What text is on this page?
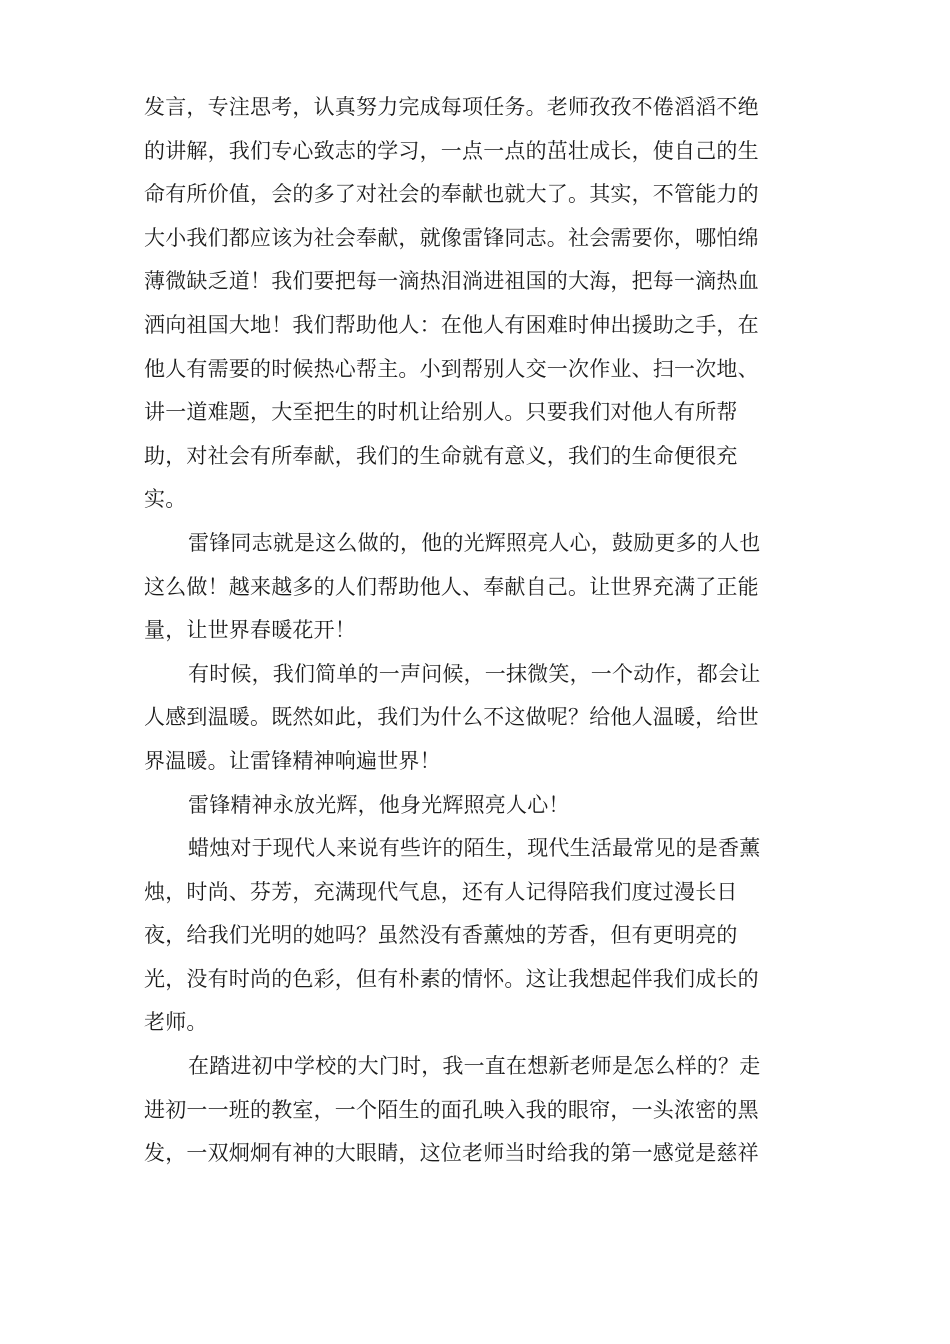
发言，专注思考，认真努力完成每项任务。老师孜孜不倦滔滔不绝
的讲解，我们专心致志的学习，一点一点的茁壮成长，使自己的生
命有所价值，会的多了对社会的奉献也就大了。其实，不管能力的
大小我们都应该为社会奉献，就像雷锋同志。社会需要你，哪怕绵
薄微缺乏道！我们要把每一滴热泪淌进祖国的大海，把每一滴热血
洒向祖国大地！我们帮助他人：在他人有困难时伸出援助之手，在
他人有需要的时候热心帮主。小到帮别人交一次作业、扫一次地、
讲一道难题，大至把生的时机让给别人。只要我们对他人有所帮
助，对社会有所奉献，我们的生命就有意义，我们的生命便很充
实。
雷锋同志就是这么做的，他的光辉照亮人心，鼓励更多的人也
这么做！越来越多的人们帮助他人、奉献自己。让世界充满了正能
量，让世界春暖花开！
有时候，我们简单的一声问候，一抹微笑，一个动作，都会让
人感到温暖。既然如此，我们为什么不这做呢？给他人温暖，给世
界温暖。让雷锋精神响遍世界！
雷锋精神永放光辉，他身光辉照亮人心！
蜡烛对于现代人来说有些许的陌生，现代生活最常见的是香薰
烛，时尚、芬芳，充满现代气息，还有人记得陪我们度过漫长日
夜，给我们光明的她吗？虽然没有香薰烛的芳香，但有更明亮的
光，没有时尚的色彩，但有朴素的情怀。这让我想起伴我们成长的
老师。
在踏进初中学校的大门时，我一直在想新老师是怎么样的？走
进初一一班的教室，一个陌生的面孔映入我的眼帘，一头浓密的黑
发，一双炯炯有神的大眼睛，这位老师当时给我的第一感觉是慈祥
